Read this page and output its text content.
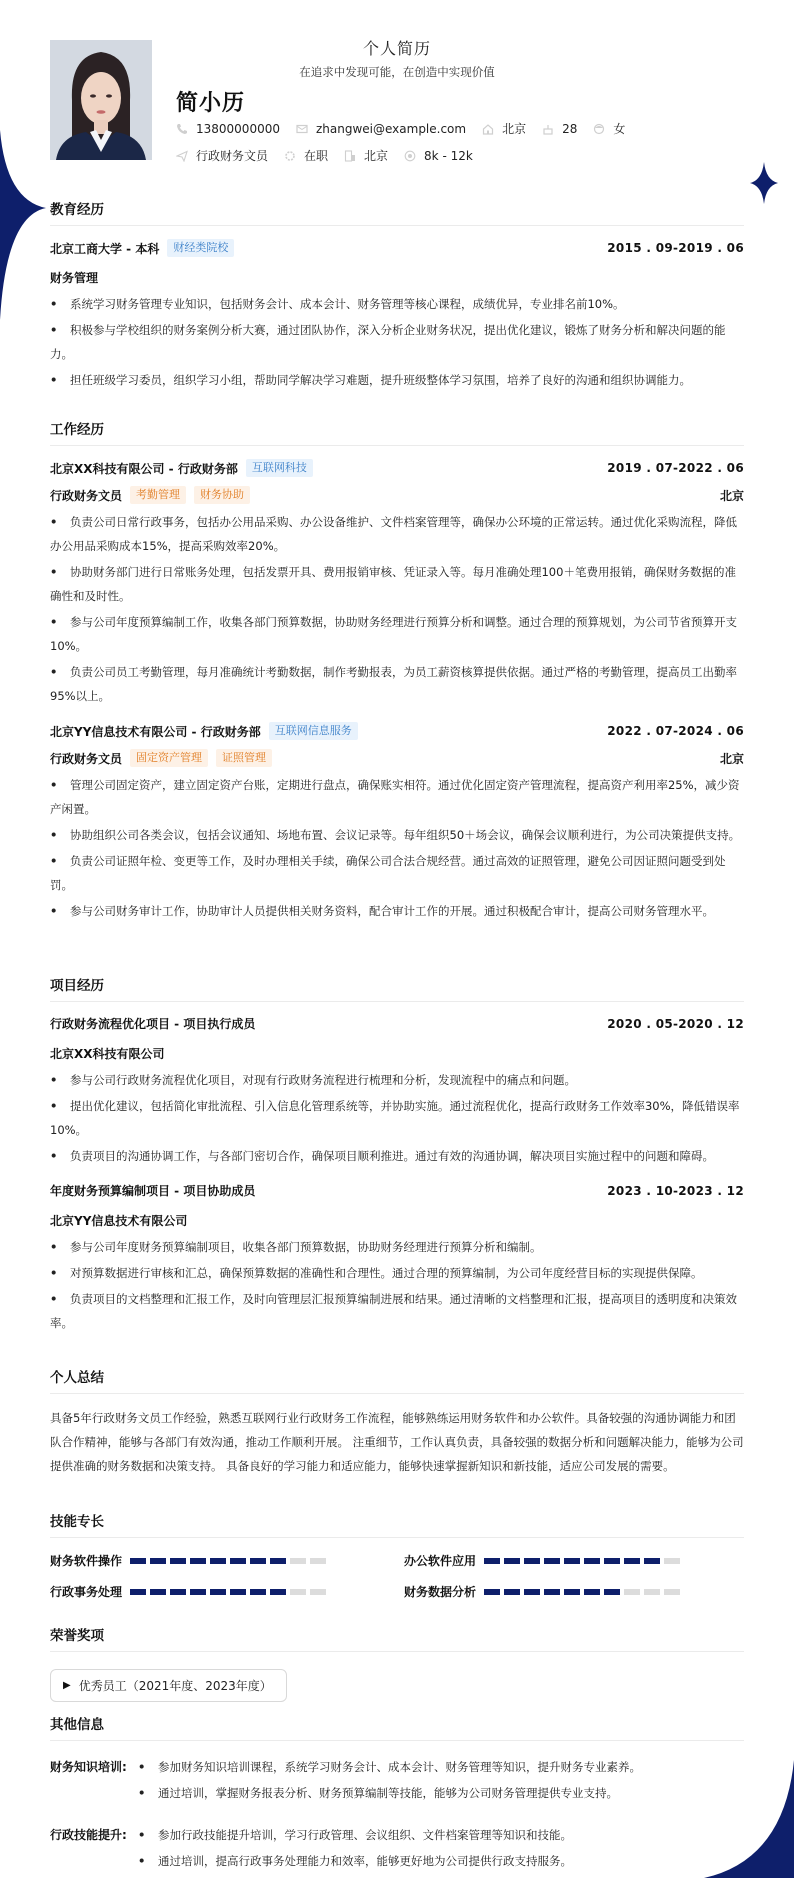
个人简历
在追求中发现可能，在创造中实现价值
简小历
13800000000	zhangwei@example.com	北京	28	女
行政财务文员	在职	北京	8k - 12k
教育经历
北京工商大学 - 本科	财经类院校	2015 . 09-2019 . 06
财务管理
• 系统学习财务管理专业知识，包括财务会计、成本会计、财务管理等核心课程，成绩优异，专业排名前10%。
• 积极参与学校组织的财务案例分析大赛，通过团队协作，深入分析企业财务状况，提出优化建议，锻炼了财务分析和解决问题的能力。
• 担任班级学习委员，组织学习小组，帮助同学解决学习难题，提升班级整体学习氛围，培养了良好的沟通和组织协调能力。
工作经历
北京XX科技有限公司 - 行政财务部	互联网科技	2019 . 07-2022 . 06
行政财务文员	考勤管理	财务协助	北京
• 负责公司日常行政事务，包括办公用品采购、办公设备维护、文件档案管理等，确保办公环境的正常运转。通过优化采购流程，降低办公用品采购成本15%，提高采购效率20%。
• 协助财务部门进行日常账务处理，包括发票开具、费用报销审核、凭证录入等。每月准确处理100＋笔费用报销，确保财务数据的准确性和及时性。
• 参与公司年度预算编制工作，收集各部门预算数据，协助财务经理进行预算分析和调整。通过合理的预算规划，为公司节省预算开支10%。
• 负责公司员工考勤管理，每月准确统计考勤数据，制作考勤报表，为员工薪资核算提供依据。通过严格的考勤管理，提高员工出勤率95%以上。
北京YY信息技术有限公司 - 行政财务部	互联网信息服务	2022 . 07-2024 . 06
行政财务文员	固定资产管理	证照管理	北京
• 管理公司固定资产，建立固定资产台账，定期进行盘点，确保账实相符。通过优化固定资产管理流程，提高资产利用率25%，减少资产闲置。
• 协助组织公司各类会议，包括会议通知、场地布置、会议记录等。每年组织50＋场会议，确保会议顺利进行，为公司决策提供支持。
• 负责公司证照年检、变更等工作，及时办理相关手续，确保公司合法合规经营。通过高效的证照管理，避免公司因证照问题受到处罚。
• 参与公司财务审计工作，协助审计人员提供相关财务资料，配合审计工作的开展。通过积极配合审计，提高公司财务管理水平。
项目经历
行政财务流程优化项目 - 项目执行成员	2020 . 05-2020 . 12
北京XX科技有限公司
• 参与公司行政财务流程优化项目，对现有行政财务流程进行梳理和分析，发现流程中的痛点和问题。
• 提出优化建议，包括简化审批流程、引入信息化管理系统等，并协助实施。通过流程优化，提高行政财务工作效率30%，降低错误率10%。
• 负责项目的沟通协调工作，与各部门密切合作，确保项目顺利推进。通过有效的沟通协调，解决项目实施过程中的问题和障碍。
年度财务预算编制项目 - 项目协助成员	2023 . 10-2023 . 12
北京YY信息技术有限公司
• 参与公司年度财务预算编制项目，收集各部门预算数据，协助财务经理进行预算分析和编制。
• 对预算数据进行审核和汇总，确保预算数据的准确性和合理性。通过合理的预算编制，为公司年度经营目标的实现提供保障。
• 负责项目的文档整理和汇报工作，及时向管理层汇报预算编制进展和结果。通过清晰的文档整理和汇报，提高项目的透明度和决策效率。
个人总结

具备5年行政财务文员工作经验，熟悉互联网行业行政财务工作流程，能够熟练运用财务软件和办公软件。具备较强的沟通协调能力和团队合作精神，能够与各部门有效沟通，推动工作顺利开展。 注重细节，工作认真负责，具备较强的数据分析和问题解决能力，能够为公司提供准确的财务数据和决策支持。 具备良好的学习能力和适应能力，能够快速掌握新知识和新技能，适应公司发展的需要。

技能专长
财务软件操作	办公软件应用
行政事务处理	财务数据分析
荣誉奖项
▶ 优秀员工（2021年度、2023年度）
其他信息
财务知识培训: • 参加财务知识培训课程，系统学习财务会计、成本会计、财务管理等知识，提升财务专业素养。
• 通过培训，掌握财务报表分析、财务预算编制等技能，能够为公司财务管理提供专业支持。
行政技能提升: • 参加行政技能提升培训，学习行政管理、会议组织、文件档案管理等知识和技能。
• 通过培训，提高行政事务处理能力和效率，能够更好地为公司提供行政支持服务。
